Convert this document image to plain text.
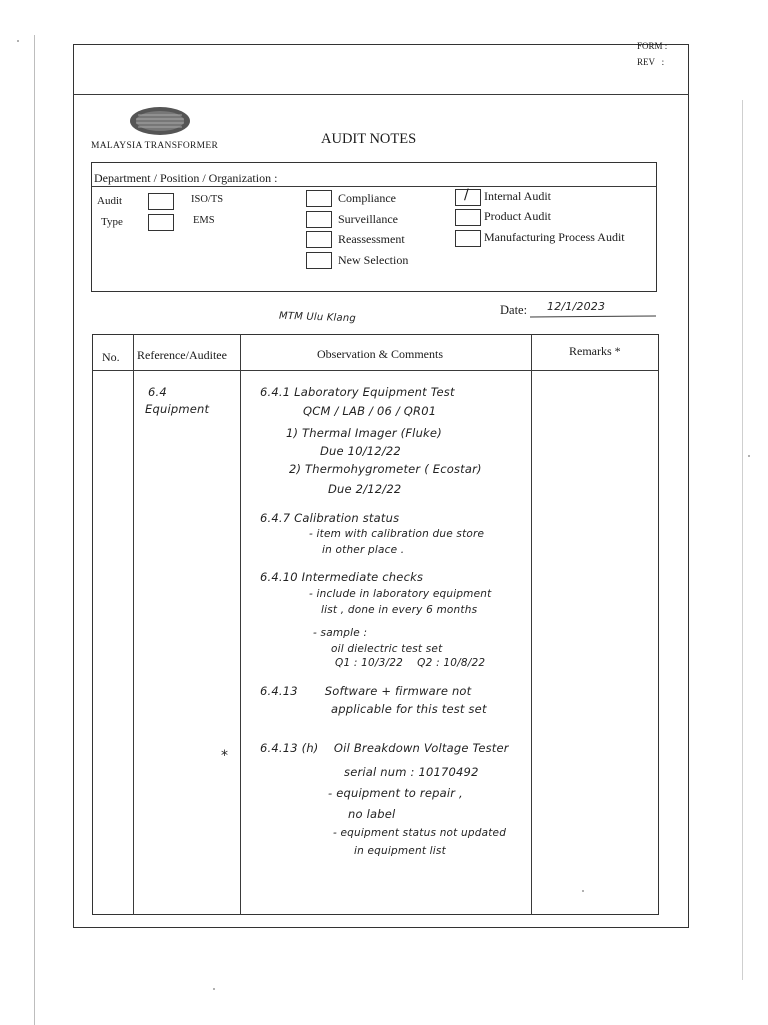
FORM :
REV   :
MALAYSIA TRANSFORMER	AUDIT NOTES
Department / Position / Organization :
Audit
Type
ISO/TS
EMS
Compliance
Surveillance
Reassessment
New Selection
/ Internal Audit
Product Audit
Manufacturing Process Audit
MTM Ulu Klang
Date: 12/1/2023
No. Reference/Auditee	Observation & Comments	Remarks *
6.4
Equipment
*
6.4.1 Laboratory Equipment Test
QCM / LAB / 06 / QR01
1) Thermal Imager (Fluke)
Due 10/12/22
2) Thermohygrometer ( Ecostar)
Due 2/12/22
6.4.7 Calibration status
- item with calibration due store
in other place .
6.4.10 Intermediate checks
- include in laboratory equipment
list , done in every 6 months
- sample :
oil dielectric test set
Q1 : 10/3/22    Q2 : 10/8/22
6.4.13       Software + firmware not
applicable for this test set
6.4.13 (h)    Oil Breakdown Voltage Tester
serial num : 10170492
- equipment to repair ,
no label
- equipment status not updated
in equipment list
